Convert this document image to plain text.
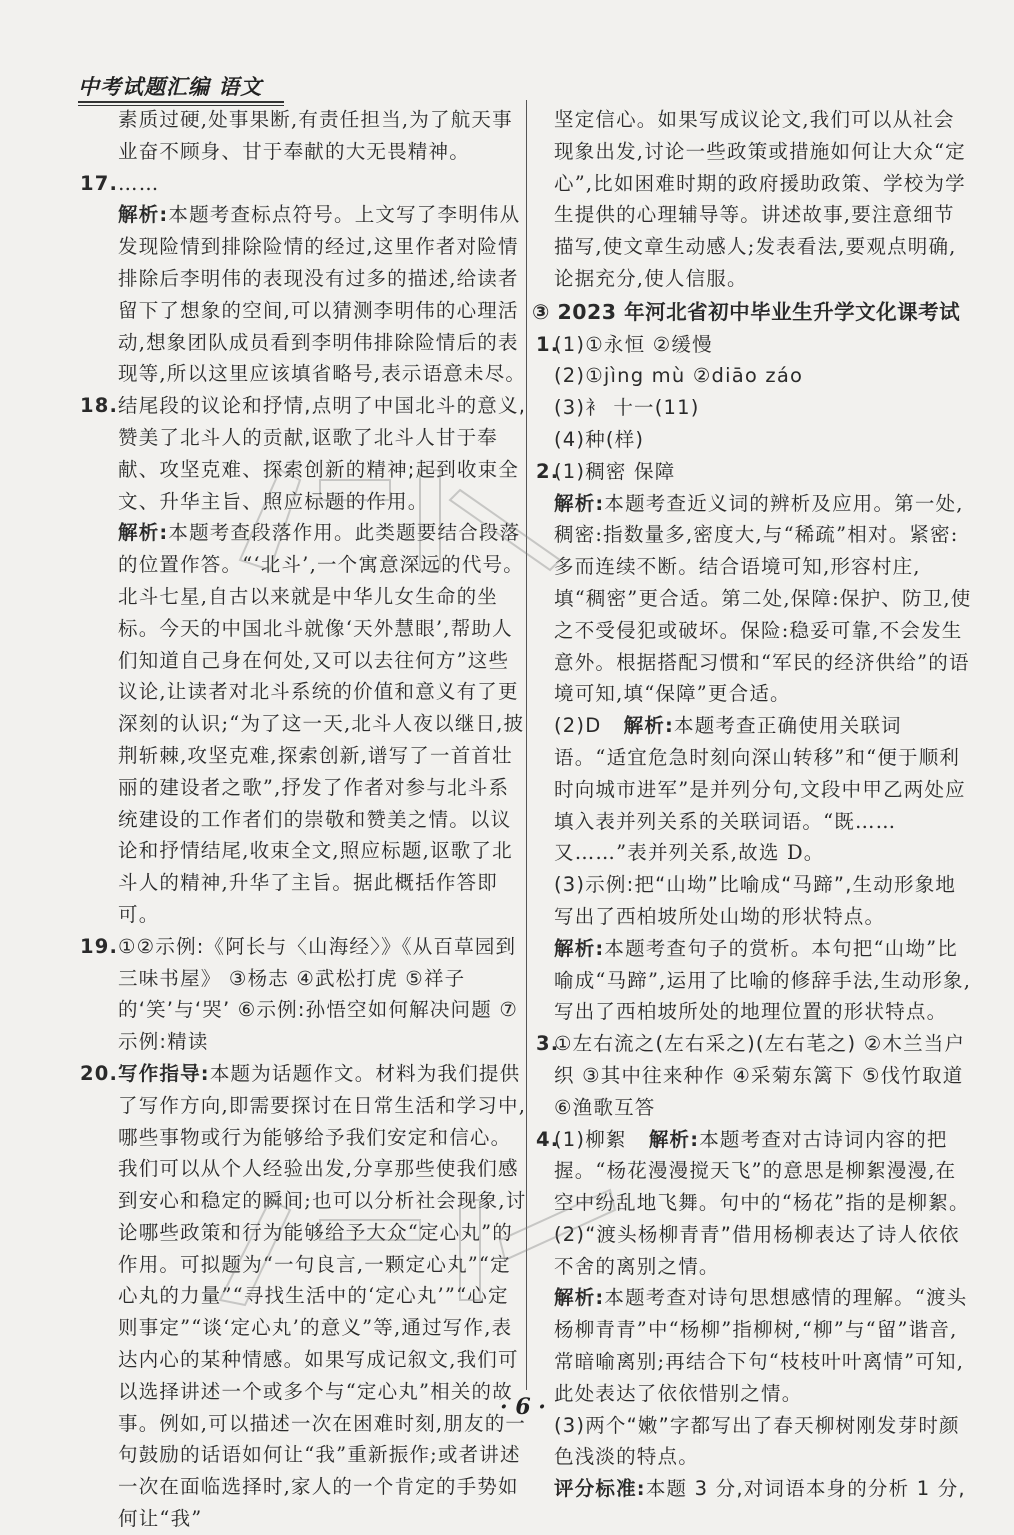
中考试题汇编 语文

素质过硬,处事果断,有责任担当,为了航天事业奋不顾身、甘于奉献的大无畏精神。

17.……

解析:本题考查标点符号。上文写了李明伟从发现险情到排除险情的经过,这里作者对险情排除后李明伟的表现没有过多的描述,给读者留下了想象的空间,可以猜测李明伟的心理活动,想象团队成员看到李明伟排除险情后的表现等,所以这里应该填省略号,表示语意未尽。

18.结尾段的议论和抒情,点明了中国北斗的意义,赞美了北斗人的贡献,讴歌了北斗人甘于奉献、攻坚克难、探索创新的精神;起到收束全文、升华主旨、照应标题的作用。

解析:本题考查段落作用。此类题要结合段落的位置作答。“‘北斗’,一个寓意深远的代号。北斗七星,自古以来就是中华儿女生命的坐标。今天的中国北斗就像‘天外慧眼’,帮助人们知道自己身在何处,又可以去往何方”这些议论,让读者对北斗系统的价值和意义有了更深刻的认识;“为了这一天,北斗人夜以继日,披荆斩棘,攻坚克难,探索创新,谱写了一首首壮丽的建设者之歌”,抒发了作者对参与北斗系统建设的工作者们的崇敬和赞美之情。以议论和抒情结尾,收束全文,照应标题,讴歌了北斗人的精神,升华了主旨。据此概括作答即可。

19.①②示例:《阿长与〈山海经〉》《从百草园到三味书屋》 ③杨志 ④武松打虎 ⑤祥子的‘笑’与‘哭’ ⑥示例:孙悟空如何解决问题 ⑦示例:精读

20.写作指导:本题为话题作文。材料为我们提供了写作方向,即需要探讨在日常生活和学习中,哪些事物或行为能够给予我们安定和信心。我们可以从个人经验出发,分享那些使我们感到安心和稳定的瞬间;也可以分析社会现象,讨论哪些政策和行为能够给予大众“定心丸”的作用。可拟题为“一句良言,一颗定心丸”“定心丸的力量”“寻找生活中的‘定心丸’”“心定则事定”“谈‘定心丸’的意义”等,通过写作,表达内心的某种情感。如果写成记叙文,我们可以选择讲述一个或多个与“定心丸”相关的故事。例如,可以描述一次在困难时刻,朋友的一句鼓励的话语如何让“我”重新振作;或者讲述一次在面临选择时,家人的一个肯定的手势如何让“我”

坚定信心。如果写成议论文,我们可以从社会现象出发,讨论一些政策或措施如何让大众“定心”,比如困难时期的政府援助政策、学校为学生提供的心理辅导等。讲述故事,要注意细节描写,使文章生动感人;发表看法,要观点明确,论据充分,使人信服。

③ 2023 年河北省初中毕业生升学文化课考试

1.(1)①永恒 ②缓慢

(2)①jìng mù ②diāo záo

(3)衤 十一(11)

(4)种(样)

2.(1)稠密 保障

解析:本题考查近义词的辨析及应用。第一处,稠密:指数量多,密度大,与“稀疏”相对。紧密:多而连续不断。结合语境可知,形容村庄,填“稠密”更合适。第二处,保障:保护、防卫,使之不受侵犯或破坏。保险:稳妥可靠,不会发生意外。根据搭配习惯和“军民的经济供给”的语境可知,填“保障”更合适。

(2)D 解析:本题考查正确使用关联词语。“适宜危急时刻向深山转移”和“便于顺利时向城市进军”是并列分句,文段中甲乙两处应填入表并列关系的关联词语。“既……又……”表并列关系,故选 D。

(3)示例:把“山坳”比喻成“马蹄”,生动形象地写出了西柏坡所处山坳的形状特点。

解析:本题考查句子的赏析。本句把“山坳”比喻成“马蹄”,运用了比喻的修辞手法,生动形象,写出了西柏坡所处的地理位置的形状特点。

3.①左右流之(左右采之)(左右芼之) ②木兰当户织 ③其中往来种作 ④采菊东篱下 ⑤伐竹取道 ⑥渔歌互答

4.(1)柳絮 解析:本题考查对古诗词内容的把握。“杨花漫漫搅天飞”的意思是柳絮漫漫,在空中纷乱地飞舞。句中的“杨花”指的是柳絮。

(2)“渡头杨柳青青”借用杨柳表达了诗人依依不舍的离别之情。

解析:本题考查对诗句思想感情的理解。“渡头杨柳青青”中“杨柳”指柳树,“柳”与“留”谐音,常暗喻离别;再结合下句“枝枝叶叶离情”可知,此处表达了依依惜别之情。

(3)两个“嫩”字都写出了春天柳树刚发芽时颜色浅淡的特点。

评分标准:本题 3 分,对词语本身的分析 1 分,

· 6 ·
